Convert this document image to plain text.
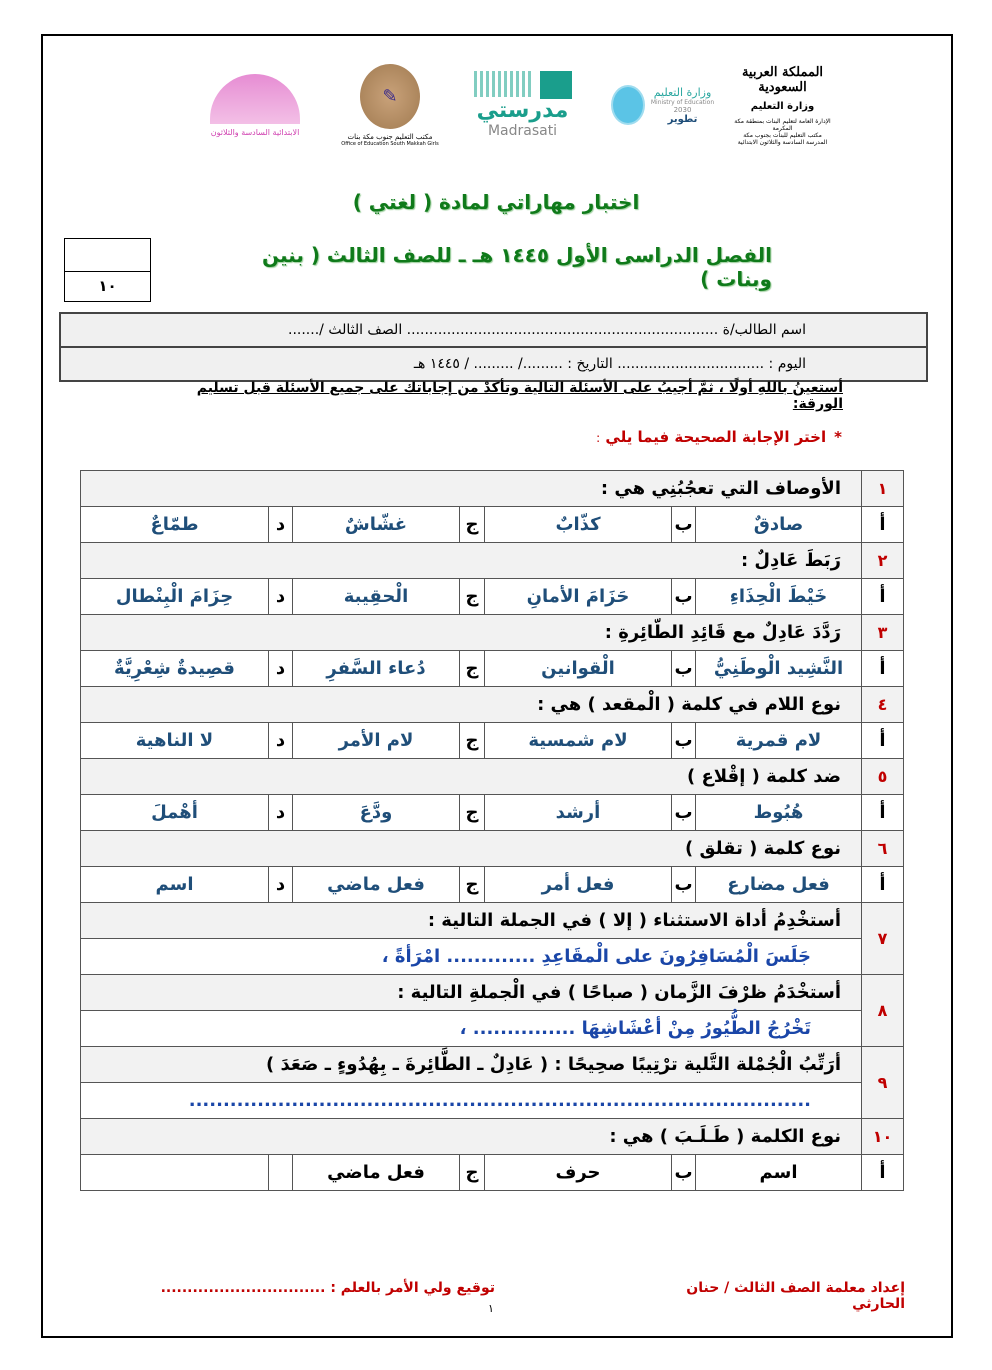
المملكة العربية السعودية
وزارة التعليم
الإدارة العامة لتعليم البنات بمنطقة مكة المكرمة
مكتب التعليم للبنات بجنوب مكة
المدرسة السادسة والثلاثون الابتدائية
وزارة التعليم
Ministry of Education
2030
تطوير
مدرستي
Madrasati
✎
مكتب التعليم جنوب مكة بنات
Office of Education South Makkah Girls
الابتدائية السادسة والثلاثون
اختبار مهاراتي لمادة ( لغتي )
الفصل الدراسى الأول ١٤٤٥ هـ ـ للصف الثالث ( بنين وبنات )
١٠
اسم الطالب/ة ...................................................................... الصف الثالث /.......
اليوم : ................................. التاريخ : ........./ ......... / ١٤٤٥ هـ
أستعينُ باللهِ أولًا ، ثمَّ أجيبُ على الأسئلة التالية وتأكدْ من إجاباتك على جميع الأسئلة قبل تسليم الورقة:
*اختر الإجابة الصحيحة فيما يلي :
١	الأوصاف التي تعجُبُنِي هي :						
أ	صادقٌ	ب	كذّابٌ	ج	غشّاشٌ	د	طمّاعٌ
٢	رَبَطَ عَادِلٌ :						
أ	خَيْطَ الْحِذَاءِ	ب	حَزَامَ الأمانِ	ج	الْحقِيبة	د	حِزَامَ الْبِنْطال
٣	رَدَّدَ عَادِلٌ مع قَائِدِ الطّائِرةِ :						
أ	النَّشِيد الْوطَنِيُّ	ب	الْقوانين	ج	دُعاء السَّفرِ	د	قصِيدةٌ شِعْرِيَّةٌ
٤	نوع اللام في كلمة ( الْمقعد ) هي :						
أ	لام قمرية	ب	لام شمسية	ج	لام الأمر	د	لا الناهية
٥	ضد كلمة ( إقْلاع )						
أ	هُبُوط	ب	أرشد	ج	ودَّعَ	د	أهْملَ
٦	نوع كلمة ( تقلق )						
أ	فعل مضارع	ب	فعل أمر	ج	فعل ماضي	د	اسم
٧	أستخْدِمُ أداة الاستثناء ( إلا ) في الجملة التالية :						
	جَلَسَ الْمُسَافِرُونَ على الْمقَاعِدِ ............. امْرَأةً ،						
٨	أستخْدَمُ ظرْفَ الزَّمان ( صباحًا ) في الْجملةِ التالية :						
	تَخْرُجُ الطُّيُورُ مِنْ أعْشَاشِهَا ............... ،						
٩	أرَتِّبُ الْجُمْلة التَّلية ترْتِيبًا صحِيحًا : ( عَادِلٌ ـ الطَّائِرةَ ـ بِهُدُوءٍ ـ صَعَدَ )						
	...........................................................................................						
١٠	نوع الكلمة ( طَـلَـبَ ) هي :						
أ	اسم	ب	حرف	ج	فعل ماضي		
إعداد معلمة الصف الثالث / حنان الحارثي
توقيع ولي الأمر بالعلم : ...............................
١
